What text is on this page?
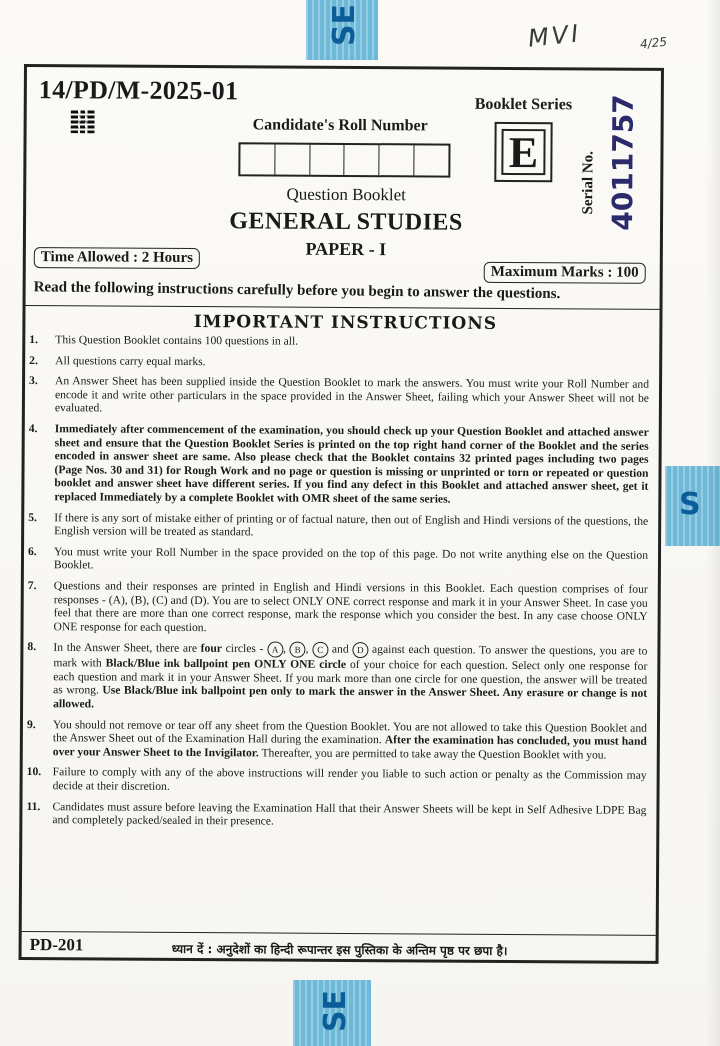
SE
S
SE
MVI	4/25
14/PD/M-2025-01	Booklet Series
Candidate's Roll Number
E	Serial No. 4011757
Question Booklet
GENERAL STUDIES
PAPER - I
Time Allowed : 2 Hours
Maximum Marks : 100
Read the following instructions carefully before you begin to answer the questions.
IMPORTANT INSTRUCTIONS
1. This Question Booklet contains 100 questions in all.
2. All questions carry equal marks.
3. An Answer Sheet has been supplied inside the Question Booklet to mark the answers. You must write your Roll Number and encode it and write other particulars in the space provided in the Answer Sheet, failing which your Answer Sheet will not be evaluated.
4. Immediately after commencement of the examination, you should check up your Question Booklet and attached answer sheet and ensure that the Question Booklet Series is printed on the top right hand corner of the Booklet and the series encoded in answer sheet are same. Also please check that the Booklet contains 32 printed pages including two pages (Page Nos. 30 and 31) for Rough Work and no page or question is missing or unprinted or torn or repeated or question booklet and answer sheet have different series. If you find any defect in this Booklet and attached answer sheet, get it replaced Immediately by a complete Booklet with OMR sheet of the same series.
5. If there is any sort of mistake either of printing or of factual nature, then out of English and Hindi versions of the questions, the English version will be treated as standard.
6. You must write your Roll Number in the space provided on the top of this page. Do not write anything else on the Question Booklet.
7. Questions and their responses are printed in English and Hindi versions in this Booklet. Each question comprises of four responses - (A), (B), (C) and (D). You are to select ONLY ONE correct response and mark it in your Answer Sheet. In case you feel that there are more than one correct response, mark the response which you consider the best. In any case choose ONLY ONE response for each question.
8. In the Answer Sheet, there are four circles - A , B , C and D against each question. To answer the questions, you are to mark with Black/Blue ink ballpoint pen ONLY ONE circle of your choice for each question. Select only one response for each question and mark it in your Answer Sheet. If you mark more than one circle for one question, the answer will be treated as wrong. Use Black/Blue ink ballpoint pen only to mark the answer in the Answer Sheet. Any erasure or change is not allowed.
9. You should not remove or tear off any sheet from the Question Booklet. You are not allowed to take this Question Booklet and the Answer Sheet out of the Examination Hall during the examination. After the examination has concluded, you must hand over your Answer Sheet to the Invigilator. Thereafter, you are permitted to take away the Question Booklet with you.
10. Failure to comply with any of the above instructions will render you liable to such action or penalty as the Commission may decide at their discretion.
11. Candidates must assure before leaving the Examination Hall that their Answer Sheets will be kept in Self Adhesive LDPE Bag and completely packed/sealed in their presence.
PD-201	ध्यान दें : अनुदेशों का हिन्दी रूपान्तर इस पुस्तिका के अन्तिम पृष्ठ पर छपा है।
